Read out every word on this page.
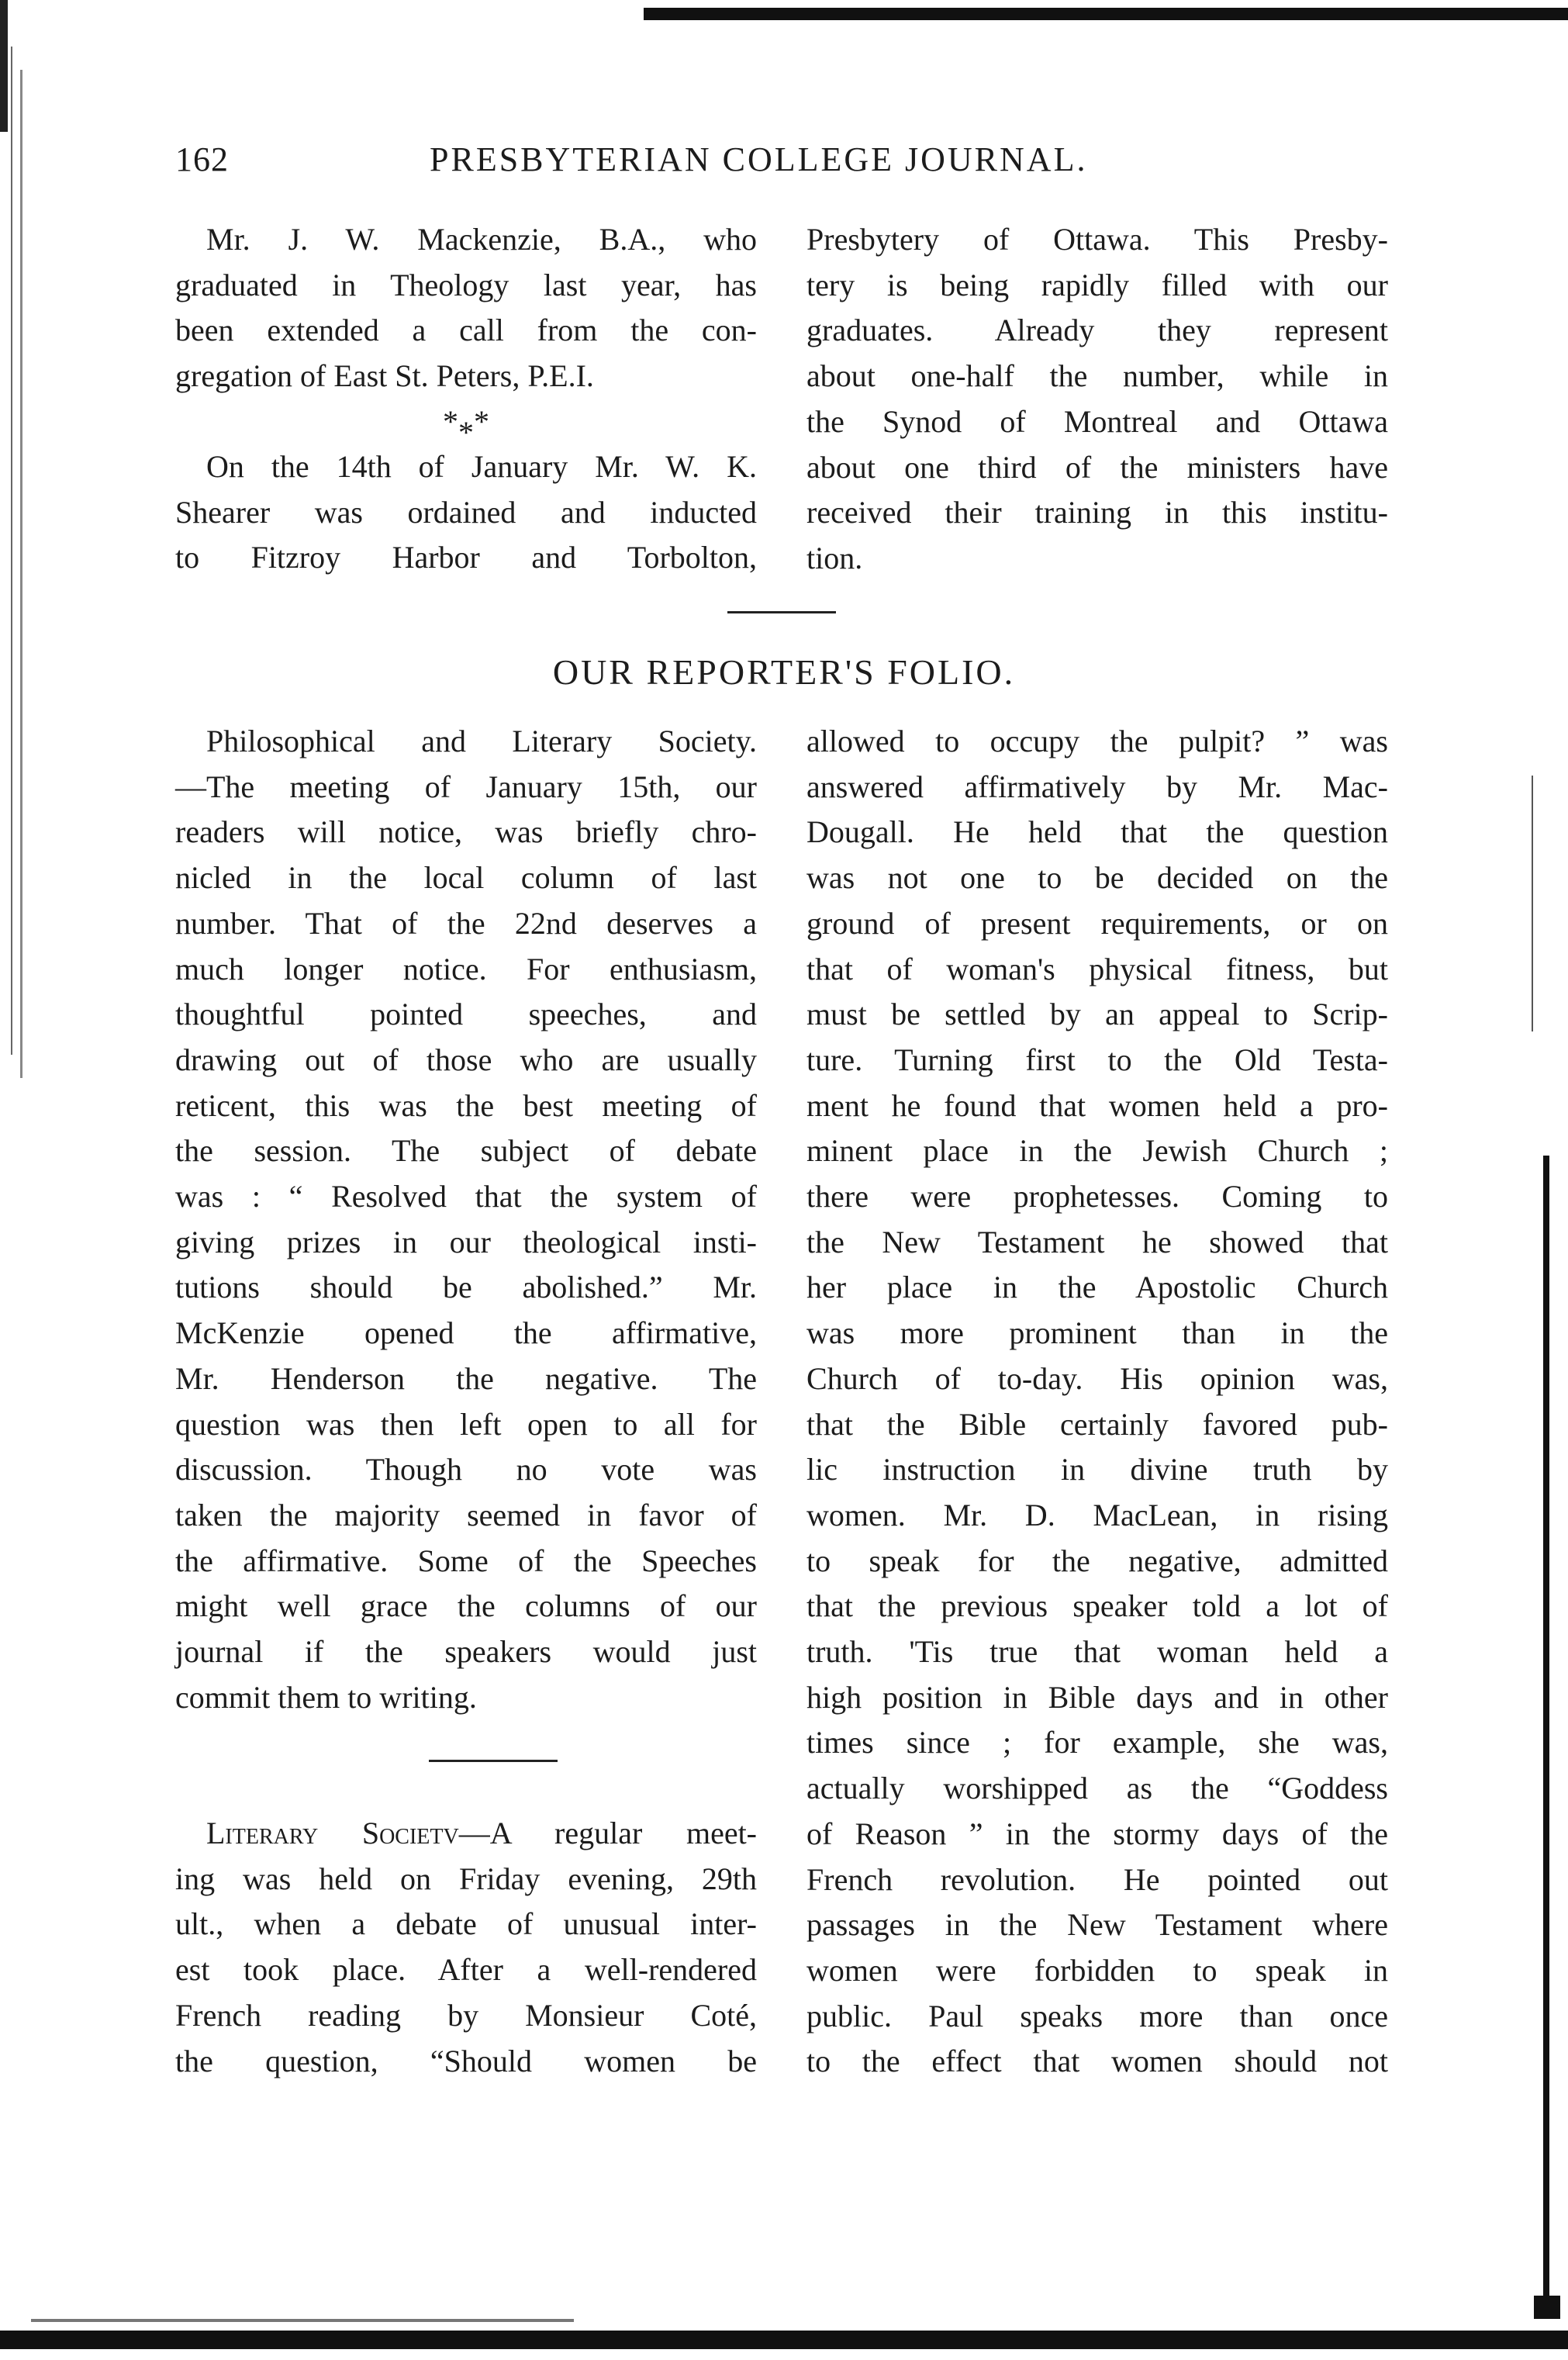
162	PRESBYTERIAN COLLEGE JOURNAL.
Mr. J. W. Mackenzie, B.A., who
graduated in Theology last year, has
been extended a call from the con-
gregation of East St. Peters, P.E.I.
***
On the 14th of January Mr. W. K.
Shearer was ordained and inducted
to Fitzroy Harbor and Torbolton,
Presbytery of Ottawa. This Presby-
tery is being rapidly filled with our
graduates. Already they represent
about one-half the number, while in
the Synod of Montreal and Ottawa
about one third of the ministers have
received their training in this institu-
tion.
OUR REPORTER'S FOLIO.
Philosophical and Literary Society.
—The meeting of January 15th, our
readers will notice, was briefly chro-
nicled in the local column of last
number. That of the 22nd deserves a
much longer notice. For enthusiasm,
thoughtful pointed speeches, and
drawing out of those who are usually
reticent, this was the best meeting of
the session. The subject of debate
was : “ Resolved that the system of
giving prizes in our theological insti-
tutions should be abolished.” Mr.
McKenzie opened the affirmative,
Mr. Henderson the negative. The
question was then left open to all for
discussion. Though no vote was
taken the majority seemed in favor of
the affirmative. Some of the Speeches
might well grace the columns of our
journal if the speakers would just
commit them to writing.
Literary Societv—A regular meet-
ing was held on Friday evening, 29th
ult., when a debate of unusual inter-
est took place. After a well-rendered
French reading by Monsieur Coté,
the question, “Should women be
allowed to occupy the pulpit? ” was
answered affirmatively by Mr. Mac-
Dougall. He held that the question
was not one to be decided on the
ground of present requirements, or on
that of woman's physical fitness, but
must be settled by an appeal to Scrip-
ture. Turning first to the Old Testa-
ment he found that women held a pro-
minent place in the Jewish Church ;
there were prophetesses. Coming to
the New Testament he showed that
her place in the Apostolic Church
was more prominent than in the
Church of to-day. His opinion was,
that the Bible certainly favored pub-
lic instruction in divine truth by
women. Mr. D. MacLean, in rising
to speak for the negative, admitted
that the previous speaker told a lot of
truth. 'Tis true that woman held a
high position in Bible days and in other
times since ; for example, she was,
actually worshipped as the “Goddess
of Reason ” in the stormy days of the
French revolution. He pointed out
passages in the New Testament where
women were forbidden to speak in
public. Paul speaks more than once
to the effect that women should not
